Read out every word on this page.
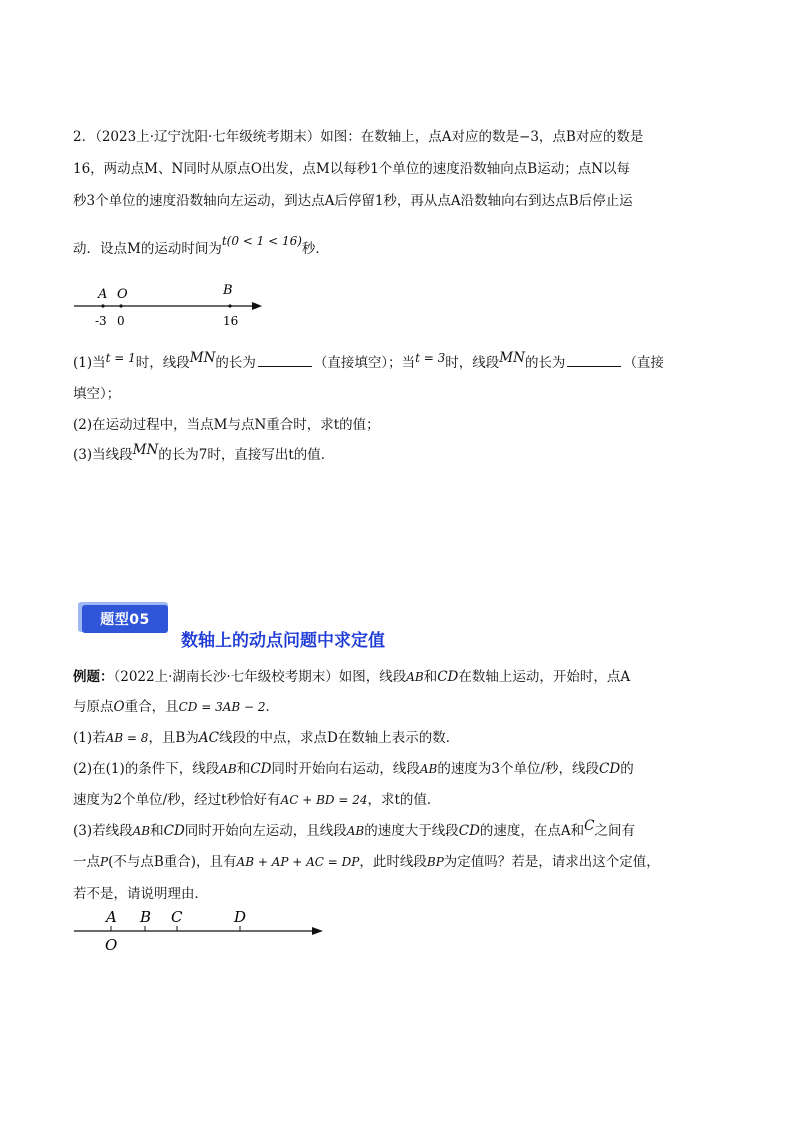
2．（2023上·辽宁沈阳·七年级统考期末）如图：在数轴上，点A对应的数是−3，点B对应的数是
16，两动点M、N同时从原点O出发，点M以每秒1个单位的速度沿数轴向点B运动；点N以每
秒3个单位的速度沿数轴向左运动，到达点A后停留1秒，再从点A沿数轴向右到达点B后停止运
动．设点M的运动时间为t(0 < 1 < 16)秒．
A O	B
-3 0	16
(1)当t = 1时，线段MN的长为	（直接填空）；当t = 3时，线段MN的长为	（直接
填空）；
(2)在运动过程中，当点M与点N重合时，求t的值；
(3)当线段MN的长为7时，直接写出t的值．
题型05
数轴上的动点问题中求定值
例题：（2022上·湖南长沙·七年级校考期末）如图，线段AB和CD在数轴上运动，开始时，点A
与原点O重合，且CD = 3AB − 2．
(1)若AB = 8，且B为AC线段的中点，求点D在数轴上表示的数．
(2)在(1)的条件下，线段AB和CD同时开始向右运动，线段AB的速度为3个单位/秒，线段CD的
速度为2个单位/秒，经过t秒恰好有AC + BD = 24，求t的值．
(3)若线段AB和CD同时开始向左运动，且线段AB的速度大于线段CD的速度，在点A和C之间有
一点P(不与点B重合)，且有AB + AP + AC = DP，此时线段BP为定值吗？若是，请求出这个定值，
若不是，请说明理由．
A B C	D
O
